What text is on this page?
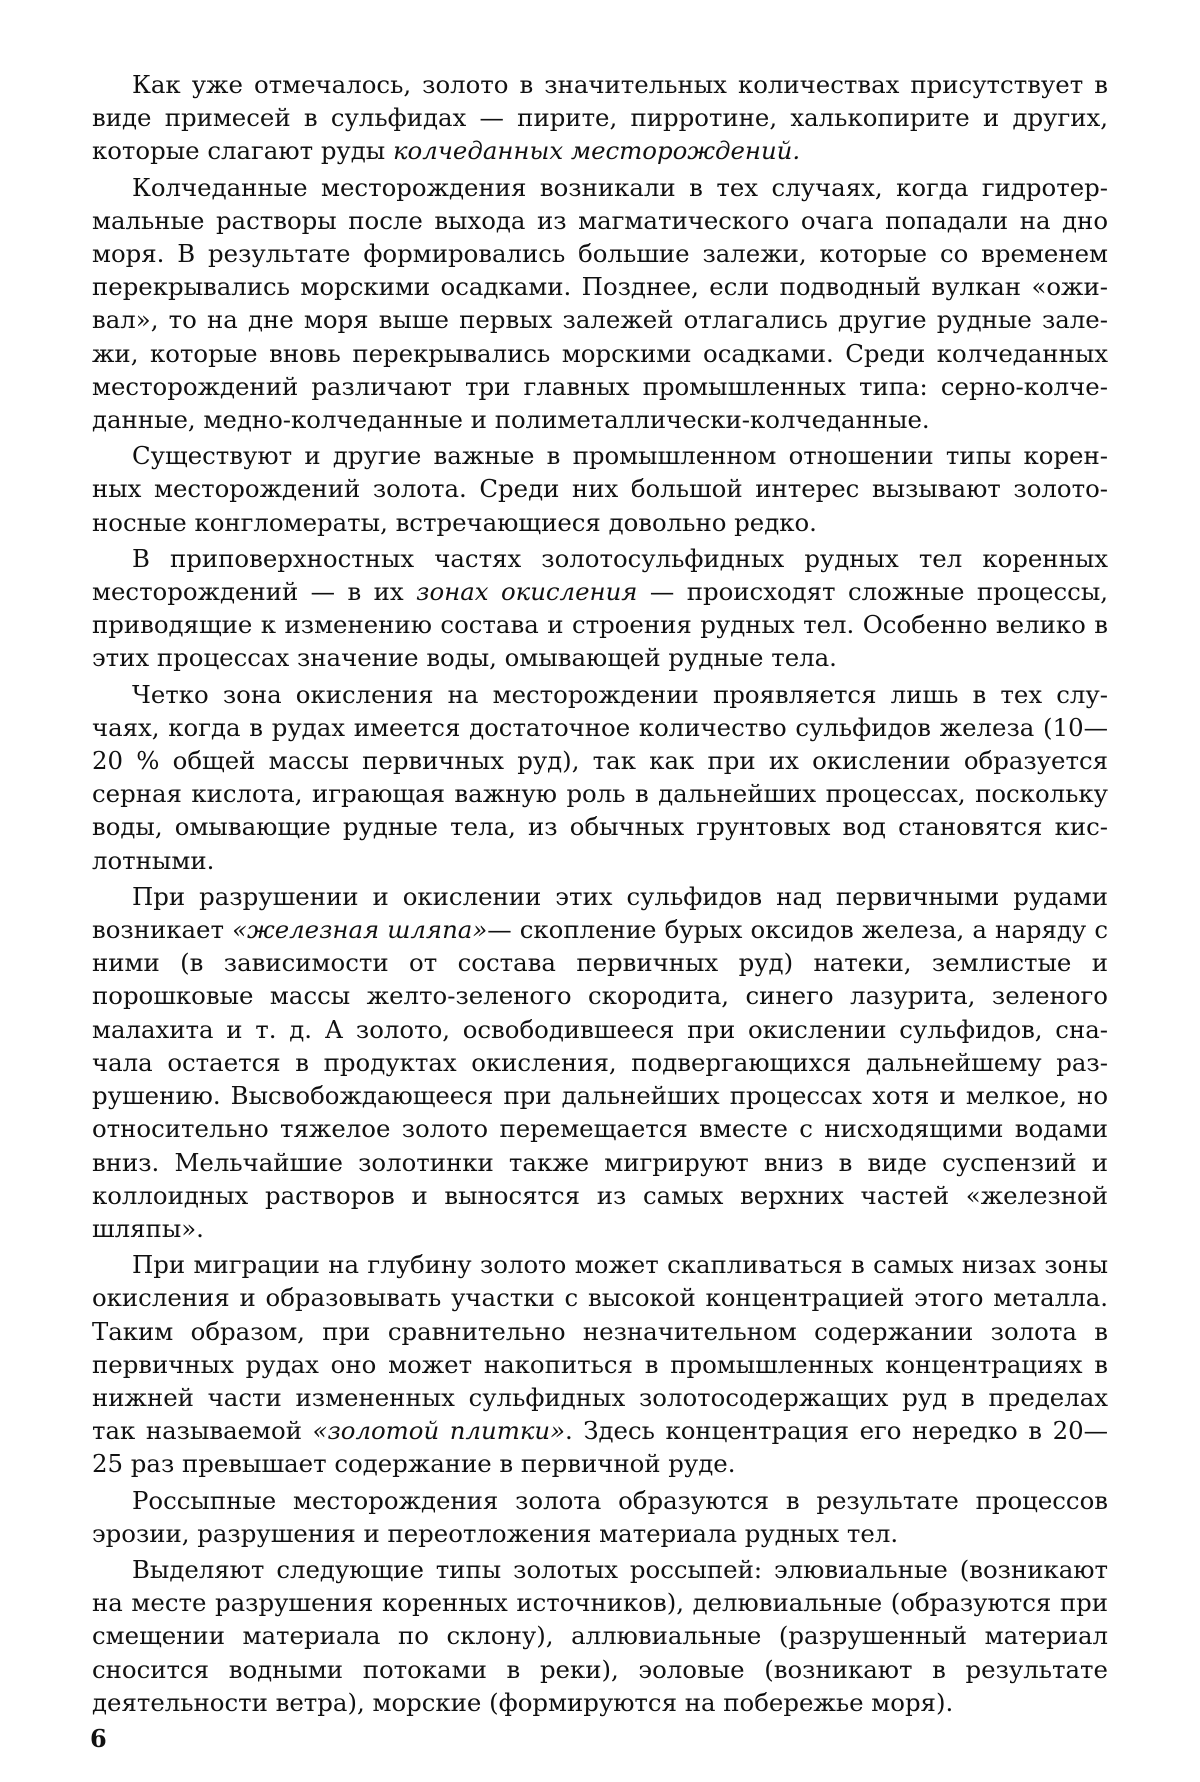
Как уже отмечалось, золото в значительных количествах присутствует в виде примесей в сульфидах — пирите, пирротине, халькопирите и других, которые слагают руды колчеданных месторождений.

Колчеданные месторождения возникали в тех случаях, когда гидротермальные растворы после выхода из магматического очага попадали на дно моря. В результате формировались большие залежи, которые со временем перекрывались морскими осадками. Позднее, если подводный вулкан «оживал», то на дне моря выше первых залежей отлагались другие рудные залежи, которые вновь перекрывались морскими осадками. Среди колчеданных месторождений различают три главных промышленных типа: серно-колчеданные, медно-колчеданные и полиметаллически-колчеданные.

Существуют и другие важные в промышленном отношении типы коренных месторождений золота. Среди них большой интерес вызывают золотоносные конгломераты, встречающиеся довольно редко.

В приповерхностных частях золотосульфидных рудных тел коренных месторождений — в их зонах окисления — происходят сложные процессы, приводящие к изменению состава и строения рудных тел. Особенно велико в этих процессах значение воды, омывающей рудные тела.

Четко зона окисления на месторождении проявляется лишь в тех случаях, когда в рудах имеется достаточное количество сульфидов железа (10—20 % общей массы первичных руд), так как при их окислении образуется серная кислота, играющая важную роль в дальнейших процессах, поскольку воды, омывающие рудные тела, из обычных грунтовых вод становятся кислотными.

При разрушении и окислении этих сульфидов над первичными рудами возникает «железная шляпа»— скопление бурых оксидов железа, а наряду с ними (в зависимости от состава первичных руд) натеки, землистые и порошковые массы желто-зеленого скородита, синего лазурита, зеленого малахита и т. д. А золото, освободившееся при окислении сульфидов, сначала остается в продуктах окисления, подвергающихся дальнейшему разрушению. Высвобождающееся при дальнейших процессах хотя и мелкое, но относительно тяжелое золото перемещается вместе с нисходящими водами вниз. Мельчайшие золотинки также мигрируют вниз в виде суспензий и коллоидных растворов и выносятся из самых верхних частей «железной шляпы».

При миграции на глубину золото может скапливаться в самых низах зоны окисления и образовывать участки с высокой концентрацией этого металла. Таким образом, при сравнительно незначительном содержании золота в первичных рудах оно может накопиться в промышленных концентрациях в нижней части измененных сульфидных золотосодержащих руд в пределах так называемой «золотой плитки». Здесь концентрация его нередко в 20—25 раз превышает содержание в первичной руде.

Россыпные месторождения золота образуются в результате процессов эрозии, разрушения и переотложения материала рудных тел.

Выделяют следующие типы золотых россыпей: элювиальные (возникают на месте разрушения коренных источников), делювиальные (образуются при смещении материала по склону), аллювиальные (разрушенный материал сносится водными потоками в реки), эоловые (возникают в результате деятельности ветра), морские (формируются на побережье моря).

6
